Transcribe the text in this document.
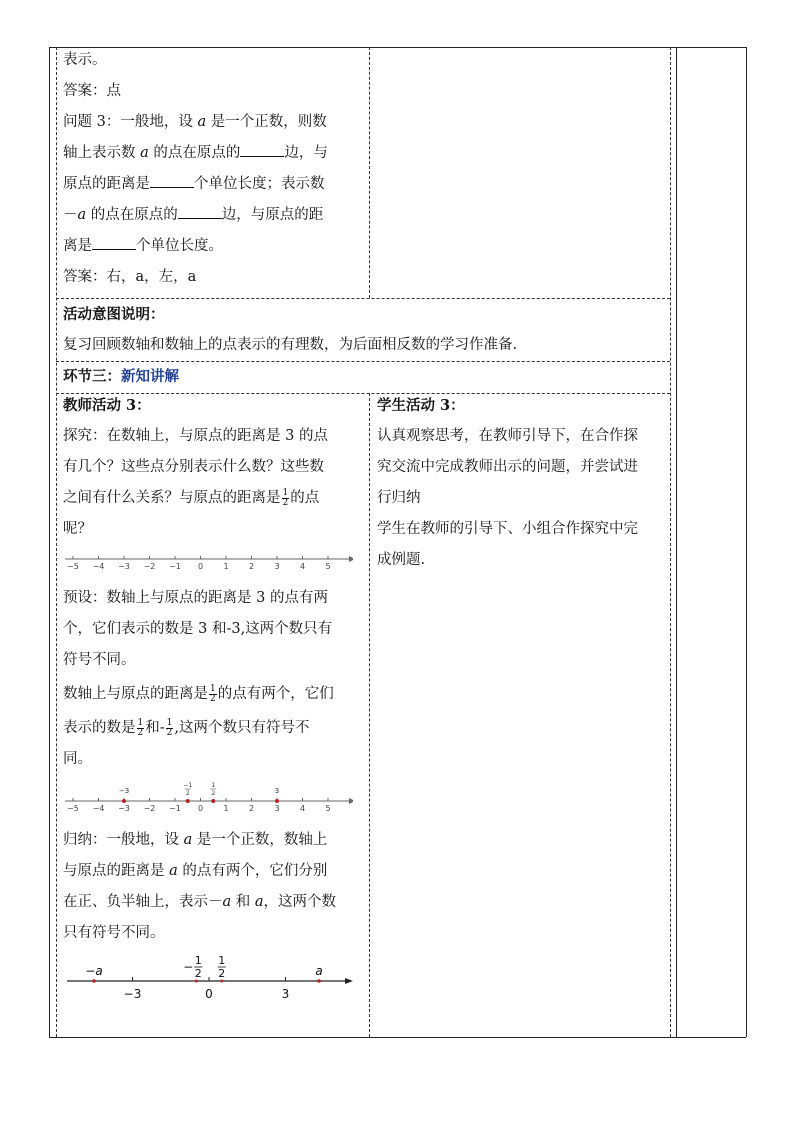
表示。

答案：点

问题 3：一般地，设 a 是一个正数，则数

轴上表示数 a 的点在原点的	边，与

原点的距离是	个单位长度；表示数

－a 的点在原点的	边，与原点的距

离是	个单位长度。

答案：右，a，左，a

活动意图说明：

复习回顾数轴和数轴上的点表示的有理数，为后面相反数的学习作准备.

环节三：新知讲解

教师活动 3：

探究：在数轴上，与原点的距离是 3 的点

有几个？这些点分别表示什么数？这些数

之间有什么关系？与原点的距离是 $\frac{1}{2}$ 的点

呢？

−5 −4 −3 −2 −1 0	1	2	3	4	5

预设：数轴上与原点的距离是 3 的点有两

个，它们表示的数是 3 和-3,这两个数只有

符号不同。

数轴上与原点的距离是 $\frac{1}{2}$ 的点有两个，它们

表示的数是 $\frac{1}{2}$ 和- $\frac{1}{2}$ ,这两个数只有符号不

同。

−5 −4 −3 −2 −1 0	1	2	3	4	5
−3
−1
2
1
2	3

归纳：一般地，设 a 是一个正数，数轴上

与原点的距离是 a 的点有两个，它们分别

在正、负半轴上，表示－a 和 a，这两个数

只有符号不同。

−3	0	3
−a	a
1
2
− 1
2

学生活动 3：

认真观察思考，在教师引导下，在合作探

究交流中完成教师出示的问题，并尝试进

行归纳

学生在教师的引导下、小组合作探究中完

成例题.
